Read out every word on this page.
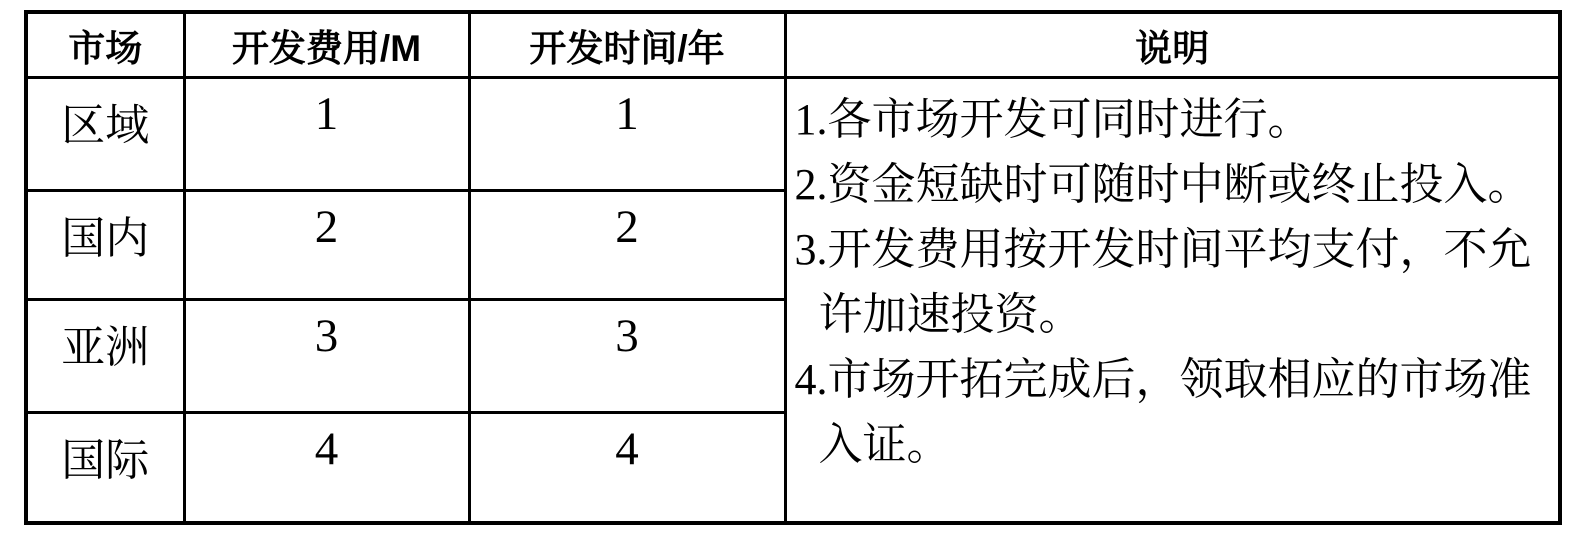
市场	开发费用/M	开发时间/年	说明
区域	1	1	1.各市场开发可同时进行。
2.资金短缺时可随时中断或终止投入。
3.开发费用按开发时间平均支付，不允
许加速投资。
4.市场开拓完成后，领取相应的市场准
入证。

国内	2	2	
亚洲	3	3	
国际	4	4	
